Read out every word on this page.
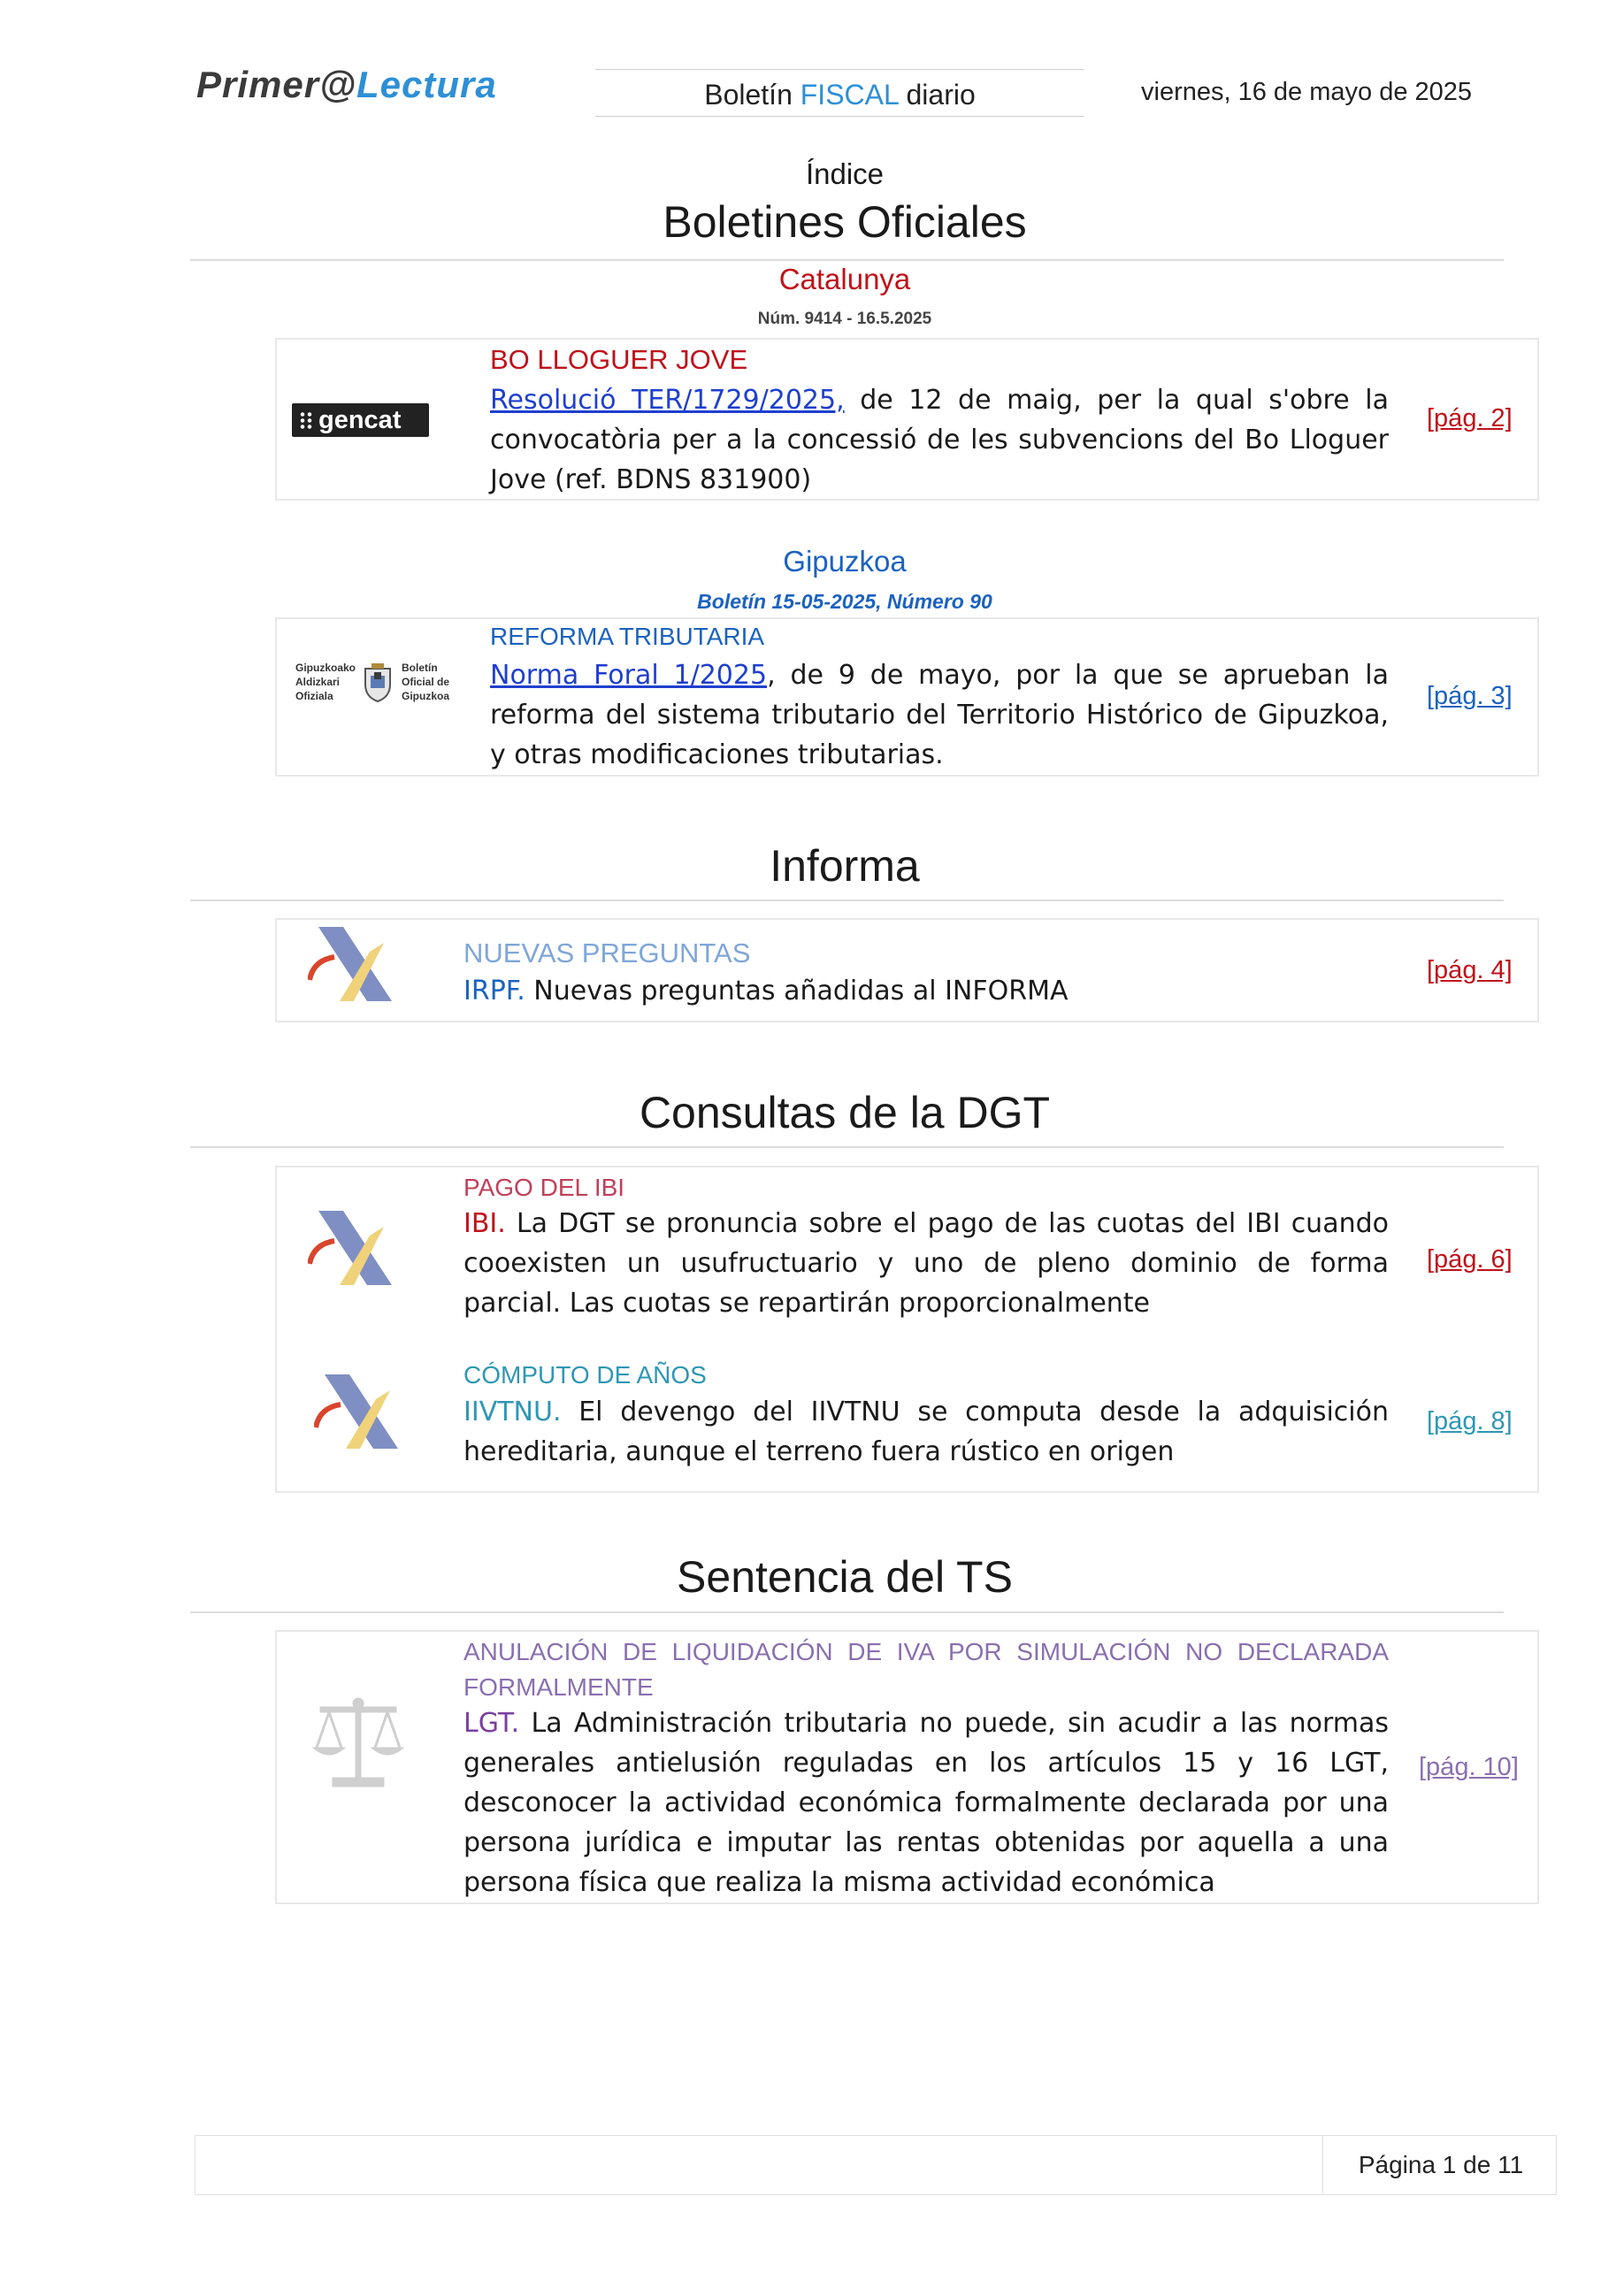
Primer@Lectura	Boletín FISCAL diario	viernes, 16 de mayo de 2025
Índice
Boletines Oficiales
Catalunya
Núm. 9414 - 16.5.2025
gencat
BO LLOGUER JOVE
Resolució TER/1729/2025, de 12 de maig, per la qual s'obre la convocatòria per a la concessió de les subvencions del Bo Lloguer Jove (ref. BDNS 831900)
[pág. 2]
Gipuzkoa
Boletín 15-05-2025, Número 90
Gipuzkoako
Aldizkari
Ofiziala
Boletín
Oficial de
Gipuzkoa
REFORMA TRIBUTARIA
Norma Foral 1/2025, de 9 de mayo, por la que se aprueban la reforma del sistema tributario del Territorio Histórico de Gipuzkoa, y otras modificaciones tributarias.
[pág. 3]
Informa
NUEVAS PREGUNTAS
IRPF. Nuevas preguntas añadidas al INFORMA
[pág. 4]
Consultas de la DGT
PAGO DEL IBI
IBI. La DGT se pronuncia sobre el pago de las cuotas del IBI cuando cooexisten un usufructuario y uno de pleno dominio de forma parcial. Las cuotas se repartirán proporcionalmente
[pág. 6]
CÓMPUTO DE AÑOS
IIVTNU. El devengo del IIVTNU se computa desde la adquisición hereditaria, aunque el terreno fuera rústico en origen
[pág. 8]
Sentencia del TS
ANULACIÓN DE LIQUIDACIÓN DE IVA POR SIMULACIÓN NO DECLARADA FORMALMENTE
LGT. La Administración tributaria no puede, sin acudir a las normas generales antielusión reguladas en los artículos 15 y 16 LGT, desconocer la actividad económica formalmente declarada por una persona jurídica e imputar las rentas obtenidas por aquella a una persona física que realiza la misma actividad económica
[pág. 10]
Página 1 de 11
